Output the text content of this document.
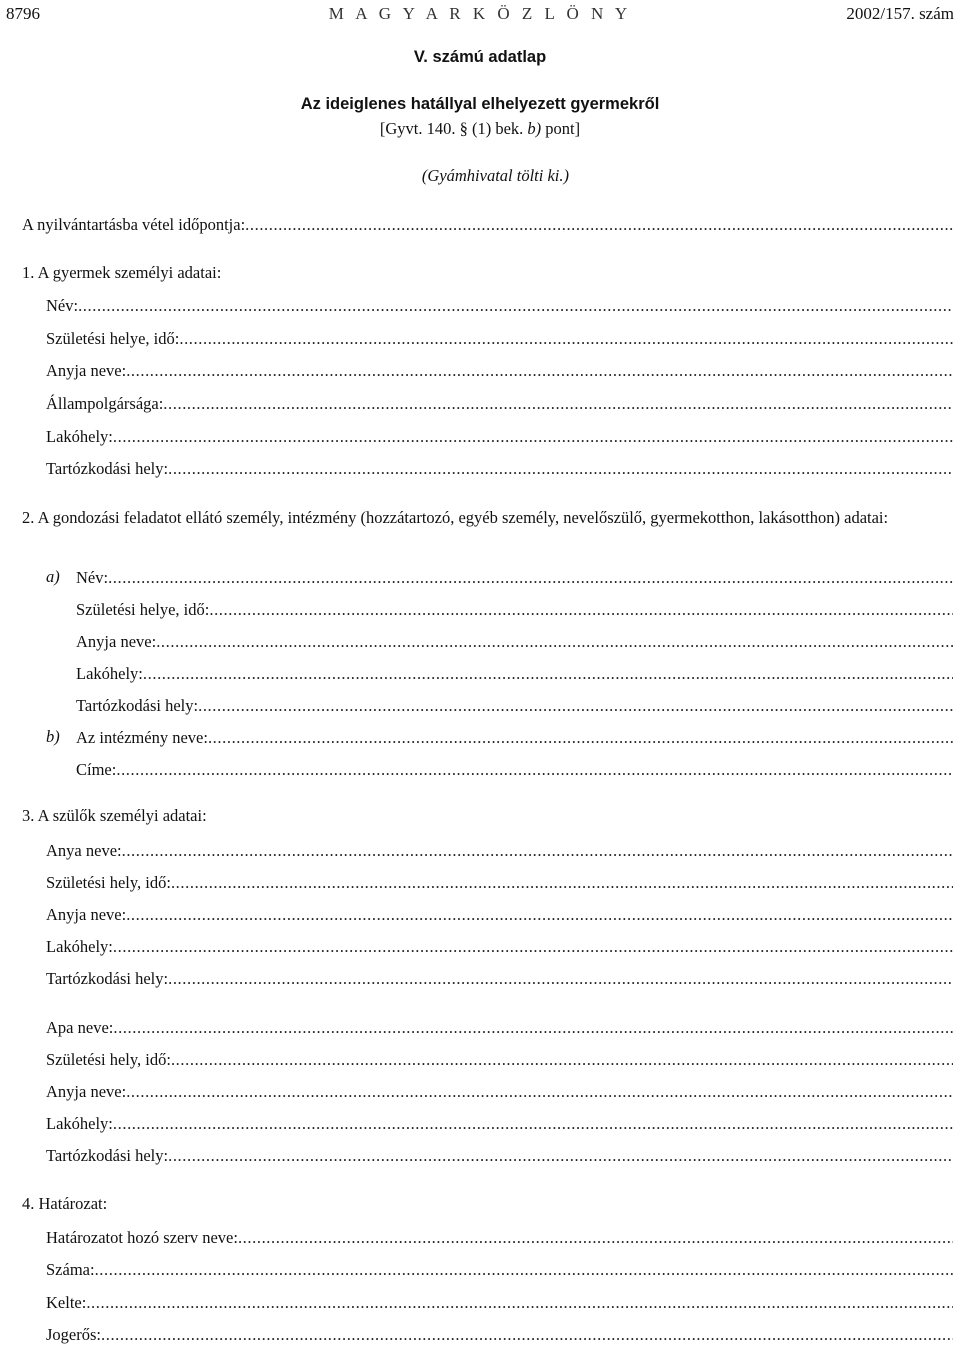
8796	M A G Y A R K Ö Z L Ö N Y	2002/157. szám
V. számú adatlap
Az ideiglenes hatállyal elhelyezett gyermekről
[Gyvt. 140. § (1) bek. b) pont]
(Gyámhivatal tölti ki.)
A nyilvántartásba vétel időpontja:
.....
1. A gyermek személyi adatai:
Név:
.....
Születési helye, idő:
.....
Anyja neve:
.....
Állampolgársága:
.....
Lakóhely:
.....
Tartózkodási hely:
.....
2. A gondozási feladatot ellátó személy, intézmény (hozzátartozó, egyéb személy, nevelőszülő, gyermekotthon, lakásotthon) adatai:
a) Név:
.....
Születési helye, idő:
.....
Anyja neve:
.....
Lakóhely:
.....
Tartózkodási hely:
.....
b) Az intézmény neve:
.....
Címe:
.....
3. A szülők személyi adatai:
Anya neve:
.....
Születési hely, idő:
.....
Anyja neve:
.....
Lakóhely:
.....
Tartózkodási hely:
.....
Apa neve:
.....
Születési hely, idő:
.....
Anyja neve:
.....
Lakóhely:
.....
Tartózkodási hely:
.....
4. Határozat:
Határozatot hozó szerv neve:
.....
Száma:
.....
Kelte:
.....
Jogerős:
.....
